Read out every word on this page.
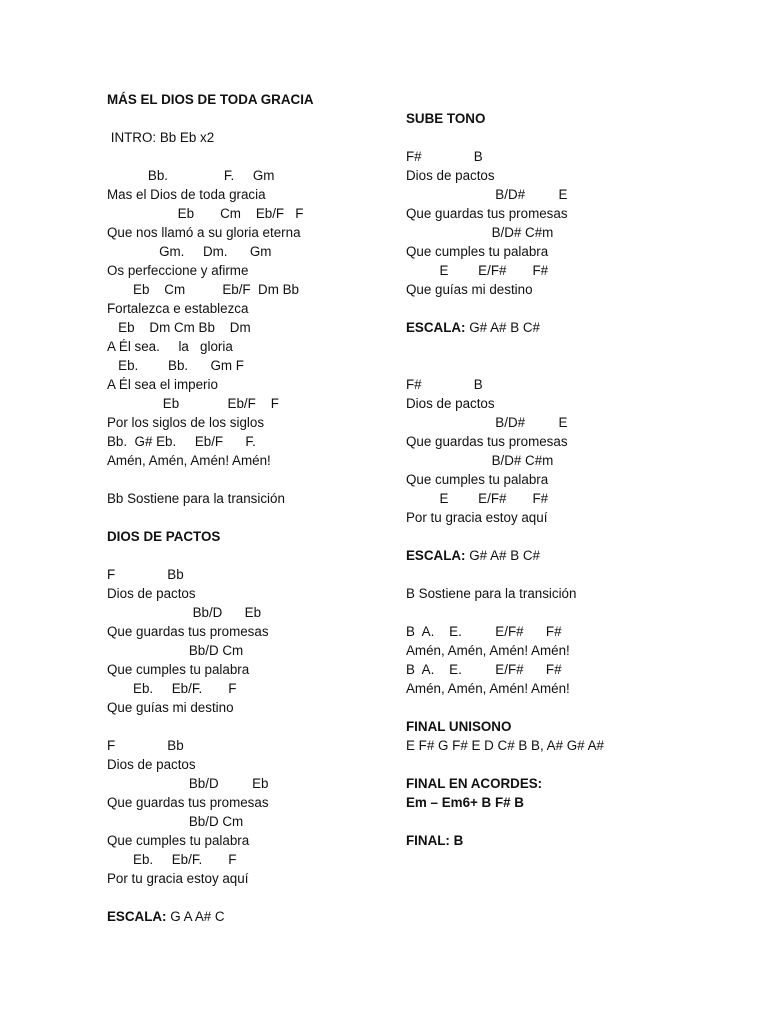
MÁS EL DIOS DE TODA GRACIA
INTRO: Bb Eb x2
Bb.               F.     Gm
Mas el Dios de toda gracia
Eb       Cm    Eb/F   F
Que nos llamó a su gloria eterna
Gm.     Dm.      Gm
Os perfeccione y afirme
Eb    Cm          Eb/F  Dm Bb
Fortalezca e establezca
Eb    Dm Cm Bb    Dm
A Él sea.     la   gloria
Eb.        Bb.      Gm F
A Él sea el imperio
Eb             Eb/F    F
Por los siglos de los siglos
Bb.  G# Eb.     Eb/F      F.
Amén, Amén, Amén! Amén!
Bb Sostiene para la transición
DIOS DE PACTOS
F              Bb
Dios de pactos
Bb/D      Eb
Que guardas tus promesas
Bb/D Cm
Que cumples tu palabra
Eb.     Eb/F.       F
Que guías mi destino
F              Bb
Dios de pactos
Bb/D         Eb
Que guardas tus promesas
Bb/D Cm
Que cumples tu palabra
Eb.     Eb/F.       F
Por tu gracia estoy aquí
ESCALA: G A A# C
SUBE TONO
F#              B
Dios de pactos
B/D#         E
Que guardas tus promesas
B/D# C#m
Que cumples tu palabra
E        E/F#       F#
Que guías mi destino
ESCALA: G# A# B C#
F#              B
Dios de pactos
B/D#         E
Que guardas tus promesas
B/D# C#m
Que cumples tu palabra
E        E/F#       F#
Por tu gracia estoy aquí
ESCALA: G# A# B C#
B Sostiene para la transición
B  A.    E.         E/F#      F#
Amén, Amén, Amén! Amén!
B  A.    E.         E/F#      F#
Amén, Amén, Amén! Amén!
FINAL UNISONO
E F# G F# E D C# B B, A# G# A#
FINAL EN ACORDES:
Em – Em6+ B F# B
FINAL: B
